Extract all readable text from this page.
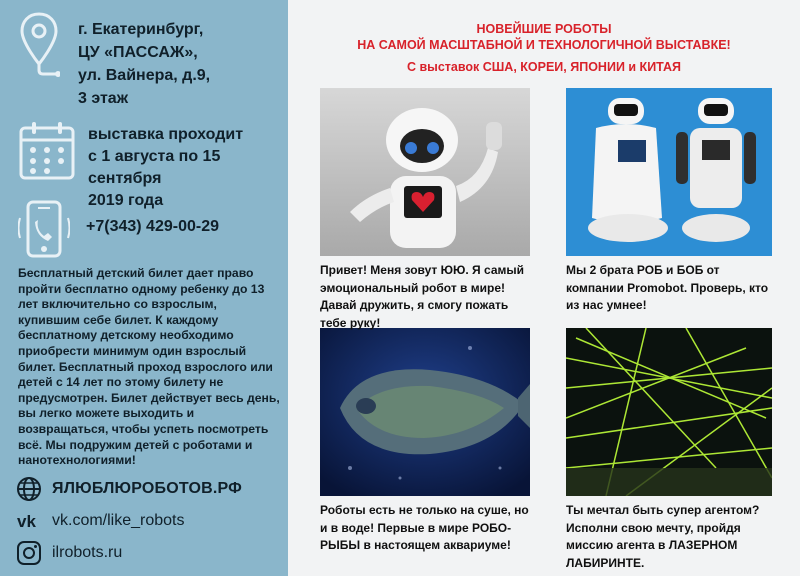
г. Екатеринбург,
ЦУ «ПАССАЖ»,
ул. Вайнера, д.9,
3 этаж
выставка проходит
с 1 августа по 15 сентября
2019 года
+7(343) 429-00-29
Бесплатный детский билет дает право пройти бесплатно одному ребенку до 13 лет включительно со взрослым, купившим себе билет. К каждому бесплатному детскому необходимо приобрести минимум один взрослый билет. Бесплатный проход взрослого или детей с 14 лет по этому билету не предусмотрен. Билет действует весь день, вы легко можете выходить и возвращаться, чтобы успеть посмотреть всё. Мы подружим детей с роботами и нанотехнологиями!
ЯЛЮБЛЮРОБОТОВ.РФ
vk vk.com/like_robots
ilrobots.ru
НОВЕЙШИЕ РОБОТЫ
НА САМОЙ МАСШТАБНОЙ И ТЕХНОЛОГИЧНОЙ ВЫСТАВКЕ!
С выставок США, КОРЕИ, ЯПОНИИ и КИТАЯ
Привет! Меня зовут ЮЮ. Я самый эмоциональный робот в мире! Давай дружить, я смогу пожать тебе руку!
Мы 2 брата РОБ и БОБ от компании Promobot. Проверь, кто из нас умнее!
Роботы есть не только на суше, но и в воде! Первые в мире РОБО-РЫБЫ в настоящем аквариуме!
Ты мечтал быть супер агентом? Исполни свою мечту, пройдя миссию агента в ЛАЗЕРНОМ ЛАБИРИНТЕ.
